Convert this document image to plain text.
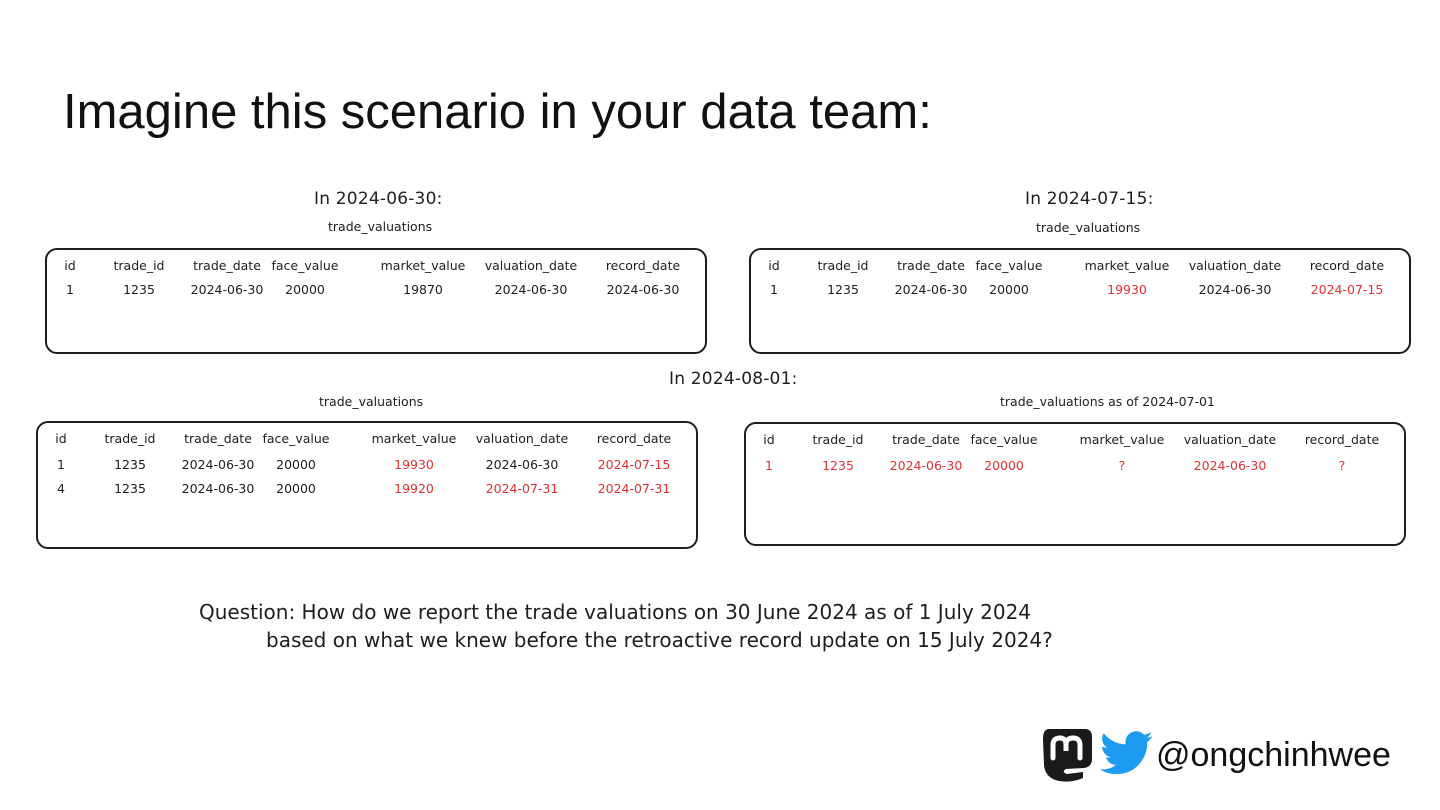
Imagine this scenario in your data team:
In 2024-06-30:
trade_valuations
id	trade_id trade_date face_value	market_value valuation_date record_date
1	1235	2024-06-30 20000	19870	2024-06-30	2024-06-30
In 2024-07-15:
trade_valuations
id	trade_id trade_date face_value	market_value valuation_date record_date
1	1235	2024-06-30 20000	19930	2024-06-30	2024-07-15
In 2024-08-01:
trade_valuations
id	trade_id trade_date face_value	market_value valuation_date record_date
1	1235	2024-06-30 20000	19930	2024-06-30	2024-07-15
4	1235	2024-06-30 20000	19920	2024-07-31	2024-07-31
trade_valuations as of 2024-07-01
id	trade_id trade_date face_value	market_value valuation_date record_date
1	1235	2024-06-30 20000	?	2024-06-30	?
Question: How do we report the trade valuations on 30 June 2024 as of 1 July 2024
based on what we knew before the retroactive record update on 15 July 2024?
@ongchinhwee
